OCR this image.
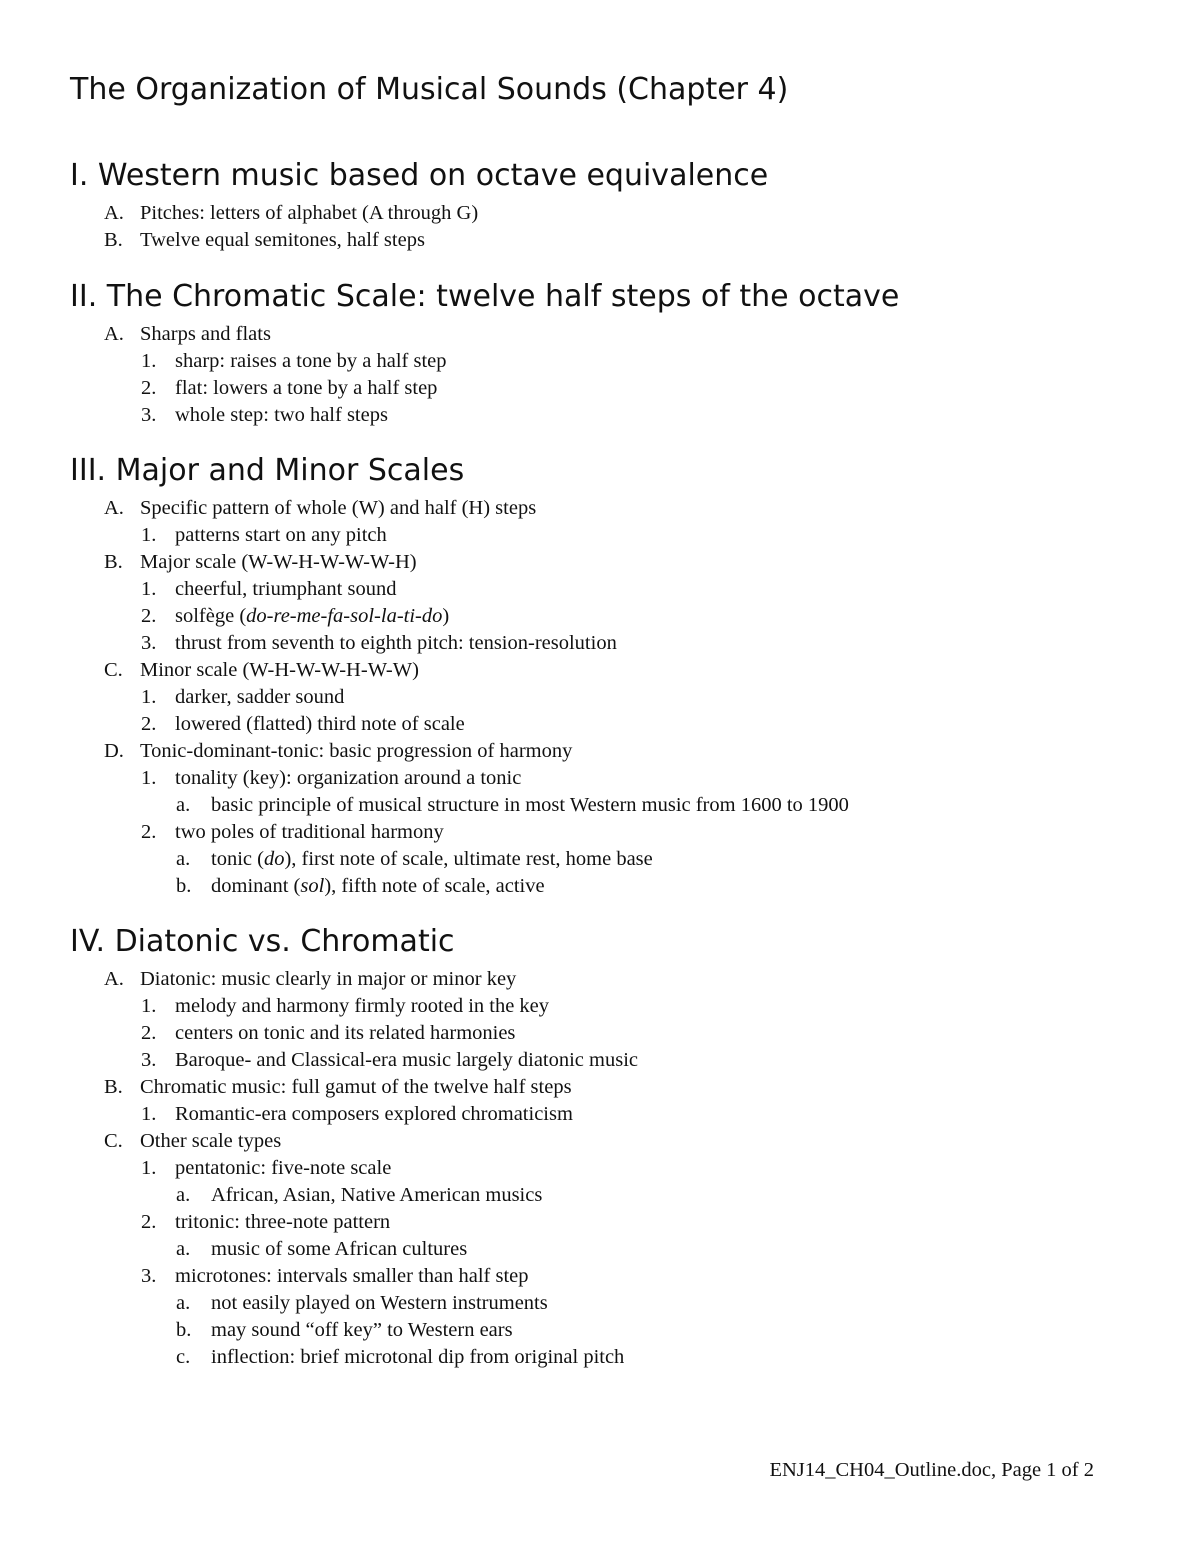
The Organization of Musical Sounds (Chapter 4)
I. Western music based on octave equivalence
A. Pitches: letters of alphabet (A through G)
B. Twelve equal semitones, half steps
II. The Chromatic Scale: twelve half steps of the octave
A. Sharps and flats
1. sharp: raises a tone by a half step
2. flat: lowers a tone by a half step
3. whole step: two half steps
III. Major and Minor Scales
A. Specific pattern of whole (W) and half (H) steps
1. patterns start on any pitch
B. Major scale (W-W-H-W-W-W-H)
1. cheerful, triumphant sound
2. solfège (do-re-me-fa-sol-la-ti-do)
3. thrust from seventh to eighth pitch: tension-resolution
C. Minor scale (W-H-W-W-H-W-W)
1. darker, sadder sound
2. lowered (flatted) third note of scale
D. Tonic-dominant-tonic: basic progression of harmony
1. tonality (key): organization around a tonic
a. basic principle of musical structure in most Western music from 1600 to 1900
2. two poles of traditional harmony
a. tonic (do), first note of scale, ultimate rest, home base
b. dominant (sol), fifth note of scale, active
IV. Diatonic vs. Chromatic
A. Diatonic: music clearly in major or minor key
1. melody and harmony firmly rooted in the key
2. centers on tonic and its related harmonies
3. Baroque- and Classical-era music largely diatonic music
B. Chromatic music: full gamut of the twelve half steps
1. Romantic-era composers explored chromaticism
C. Other scale types
1. pentatonic: five-note scale
a. African, Asian, Native American musics
2. tritonic: three-note pattern
a. music of some African cultures
3. microtones: intervals smaller than half step
a. not easily played on Western instruments
b. may sound “off key” to Western ears
c. inflection: brief microtonal dip from original pitch
ENJ14_CH04_Outline.doc, Page 1 of 2
